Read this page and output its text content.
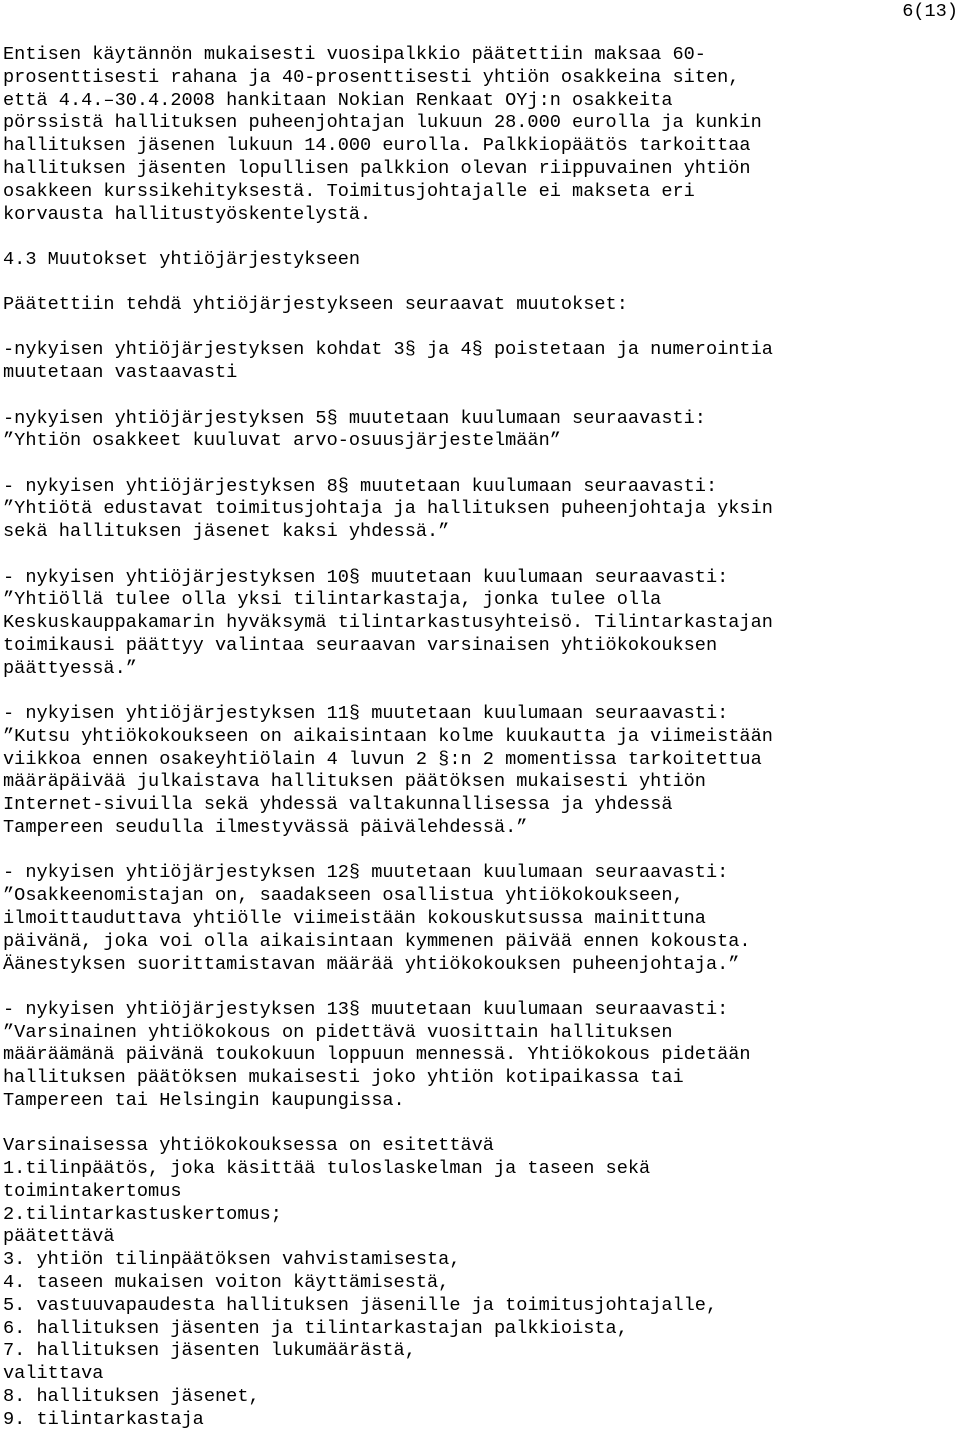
6(13)
Entisen käytännön mukaisesti vuosipalkkio päätettiin maksaa 60-
prosenttisesti rahana ja 40-prosenttisesti yhtiön osakkeina siten,
että 4.4.–30.4.2008 hankitaan Nokian Renkaat OYj:n osakkeita
pörssistä hallituksen puheenjohtajan lukuun 28.000 eurolla ja kunkin
hallituksen jäsenen lukuun 14.000 eurolla. Palkkiopäätös tarkoittaa
hallituksen jäsenten lopullisen palkkion olevan riippuvainen yhtiön
osakkeen kurssikehityksestä. Toimitusjohtajalle ei makseta eri
korvausta hallitustyöskentelystä.
4.3 Muutokset yhtiöjärjestykseen
Päätettiin tehdä yhtiöjärjestykseen seuraavat muutokset:
-nykyisen yhtiöjärjestyksen kohdat 3§ ja 4§ poistetaan ja numerointia
muutetaan vastaavasti
-nykyisen yhtiöjärjestyksen 5§ muutetaan kuulumaan seuraavasti:
”Yhtiön osakkeet kuuluvat arvo-osuusjärjestelmään”
- nykyisen yhtiöjärjestyksen 8§ muutetaan kuulumaan seuraavasti:
”Yhtiötä edustavat toimitusjohtaja ja hallituksen puheenjohtaja yksin
sekä hallituksen jäsenet kaksi yhdessä.”
- nykyisen yhtiöjärjestyksen 10§ muutetaan kuulumaan seuraavasti:
”Yhtiöllä tulee olla yksi tilintarkastaja, jonka tulee olla
Keskuskauppakamarin hyväksymä tilintarkastusyhteisö. Tilintarkastajan
toimikausi päättyy valintaa seuraavan varsinaisen yhtiökokouksen
päättyessä.”
- nykyisen yhtiöjärjestyksen 11§ muutetaan kuulumaan seuraavasti:
”Kutsu yhtiökokoukseen on aikaisintaan kolme kuukautta ja viimeistään
viikkoa ennen osakeyhtiölain 4 luvun 2 §:n 2 momentissa tarkoitettua
määräpäivää julkaistava hallituksen päätöksen mukaisesti yhtiön
Internet-sivuilla sekä yhdessä valtakunnallisessa ja yhdessä
Tampereen seudulla ilmestyvässä päivälehdessä.”
- nykyisen yhtiöjärjestyksen 12§ muutetaan kuulumaan seuraavasti:
”Osakkeenomistajan on, saadakseen osallistua yhtiökokoukseen,
ilmoittauduttava yhtiölle viimeistään kokouskutsussa mainittuna
päivänä, joka voi olla aikaisintaan kymmenen päivää ennen kokousta.
Äänestyksen suorittamistavan määrää yhtiökokouksen puheenjohtaja.”
- nykyisen yhtiöjärjestyksen 13§ muutetaan kuulumaan seuraavasti:
”Varsinainen yhtiökokous on pidettävä vuosittain hallituksen
määräämänä päivänä toukokuun loppuun mennessä. Yhtiökokous pidetään
hallituksen päätöksen mukaisesti joko yhtiön kotipaikassa tai
Tampereen tai Helsingin kaupungissa.
Varsinaisessa yhtiökokouksessa on esitettävä
1.tilinpäätös, joka käsittää tuloslaskelman ja taseen sekä
toimintakertomus
2.tilintarkastuskertomus;
päätettävä
3. yhtiön tilinpäätöksen vahvistamisesta,
4. taseen mukaisen voiton käyttämisestä,
5. vastuuvapaudesta hallituksen jäsenille ja toimitusjohtajalle,
6. hallituksen jäsenten ja tilintarkastajan palkkioista,
7. hallituksen jäsenten lukumäärästä,
valittava
8. hallituksen jäsenet,
9. tilintarkastaja
